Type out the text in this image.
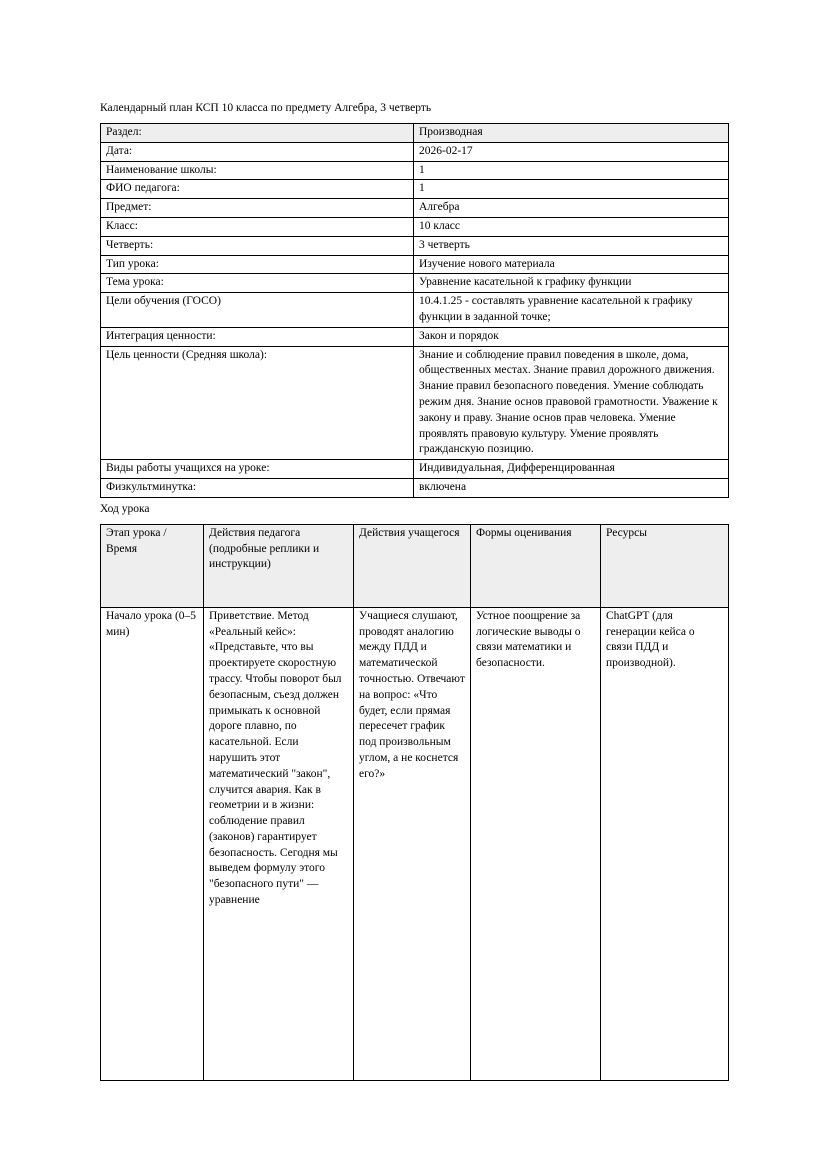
Календарный план КСП 10 класса по предмету Алгебра, 3 четверть

Раздел:	Производная
Дата:	2026-02-17
Наименование школы:	1
ФИО педагога:	1
Предмет:	Алгебра
Класс:	10 класс
Четверть:	3 четверть
Тип урока:	Изучение нового материала
Тема урока:	Уравнение касательной к графику функции
Цели обучения (ГОСО)	10.4.1.25 - составлять уравнение касательной к графику функции в заданной точке;
Интеграция ценности:	Закон и порядок
Цель ценности (Средняя школа):	Знание и соблюдение правил поведения в школе, дома, общественных местах. Знание правил дорожного движения. Знание правил безопасного поведения. Умение соблюдать режим дня. Знание основ правовой грамотности. Уважение к закону и праву. Знание основ прав человека. Умение проявлять правовую культуру. Умение проявлять гражданскую позицию.
Виды работы учащихся на уроке:	Индивидуальная, Дифференцированная
Физкультминутка:	включена

Ход урока

Этап урока / Время	Действия педагога (подробные реплики и инструкции)	Действия учащегося	Формы оценивания	Ресурсы

Начало урока (0–5 мин)	Приветствие. Метод «Реальный кейс»: «Представьте, что вы проектируете скоростную трассу. Чтобы поворот был безопасным, съезд должен примыкать к основной дороге плавно, по касательной. Если нарушить этот математический "закон", случится авария. Как в геометрии и в жизни: соблюдение правил (законов) гарантирует безопасность. Сегодня мы выведем формулу этого "безопасного пути" — уравнение	Учащиеся слушают, проводят аналогию между ПДД и математической точностью. Отвечают на вопрос: «Что будет, если прямая пересечет график под произвольным углом, а не коснется его?»	Устное поощрение за логические выводы о связи математики и безопасности.	ChatGPT (для генерации кейса о связи ПДД и производной).
